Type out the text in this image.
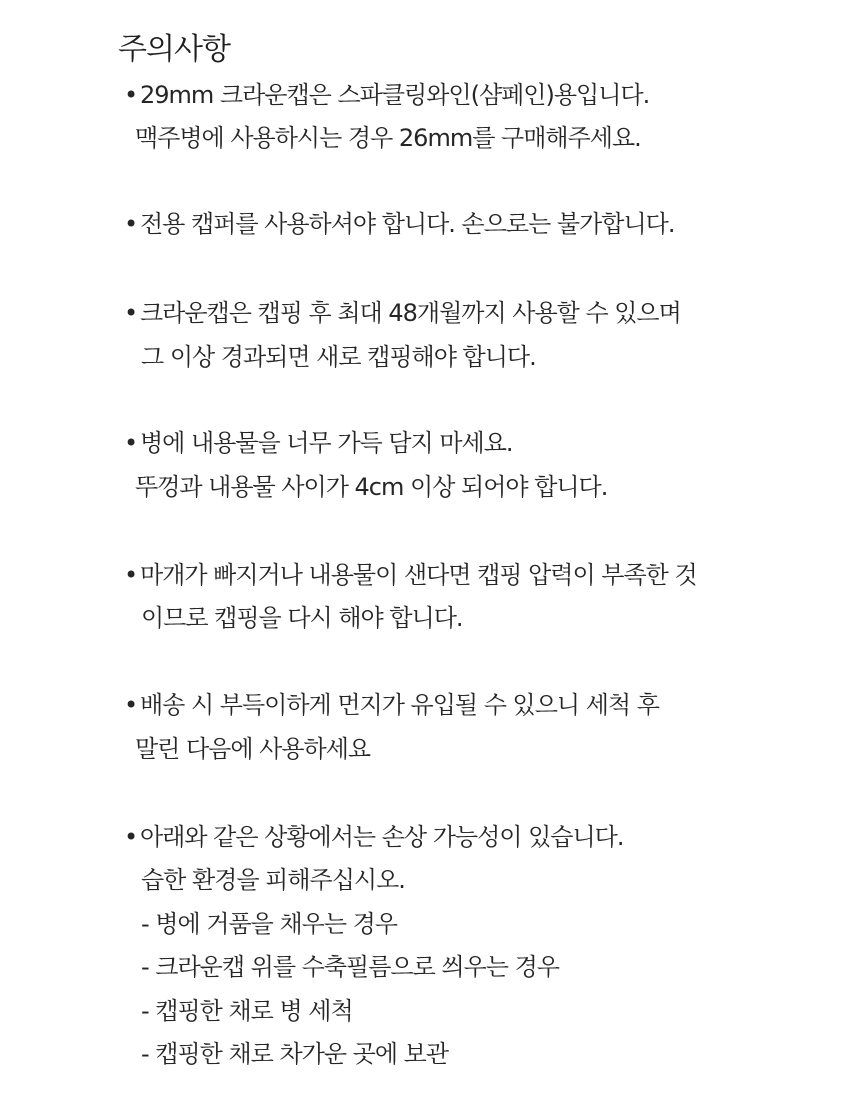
주의사항
• 29mm 크라운캡은 스파클링와인(샴페인)용입니다.
맥주병에 사용하시는 경우 26mm를 구매해주세요.
• 전용 캡퍼를 사용하셔야 합니다. 손으로는 불가합니다.
• 크라운캡은 캡핑 후 최대 48개월까지 사용할 수 있으며
그 이상 경과되면 새로 캡핑해야 합니다.
• 병에 내용물을 너무 가득 담지 마세요.
뚜껑과 내용물 사이가 4cm 이상 되어야 합니다.
• 마개가 빠지거나 내용물이 샌다면 캡핑 압력이 부족한 것
이므로 캡핑을 다시 해야 합니다.
• 배송 시 부득이하게 먼지가 유입될 수 있으니 세척 후
말린 다음에 사용하세요
• 아래와 같은 상황에서는 손상 가능성이 있습니다.
습한 환경을 피해주십시오.
- 병에 거품을 채우는 경우
- 크라운캡 위를 수축필름으로 씌우는 경우
- 캡핑한 채로 병 세척
- 캡핑한 채로 차가운 곳에 보관
